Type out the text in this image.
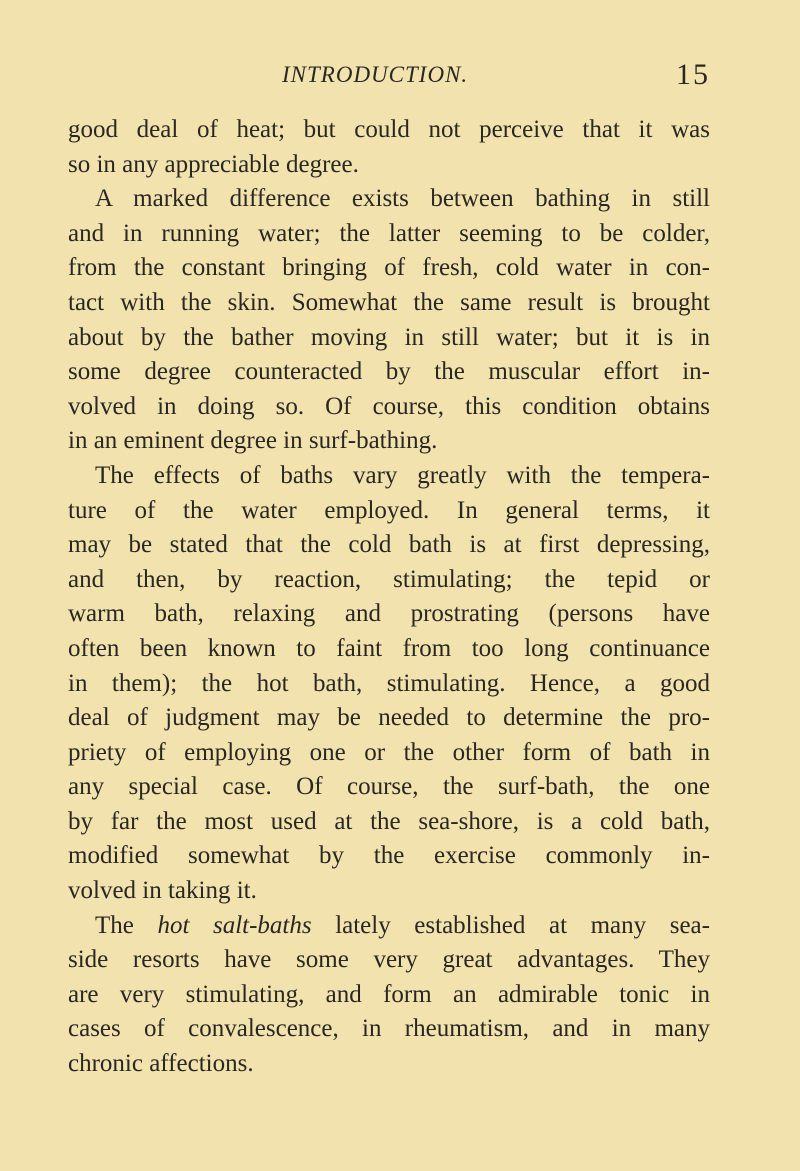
INTRODUCTION.	15
good deal of heat; but could not perceive that it was
so in any appreciable degree.
A marked difference exists between bathing in still
and in running water; the latter seeming to be colder,
from the constant bringing of fresh, cold water in con-
tact with the skin. Somewhat the same result is brought
about by the bather moving in still water; but it is in
some degree counteracted by the muscular effort in-
volved in doing so. Of course, this condition obtains
in an eminent degree in surf-bathing.
The effects of baths vary greatly with the tempera-
ture of the water employed. In general terms, it
may be stated that the cold bath is at first depressing,
and then, by reaction, stimulating; the tepid or
warm bath, relaxing and prostrating (persons have
often been known to faint from too long continuance
in them); the hot bath, stimulating. Hence, a good
deal of judgment may be needed to determine the pro-
priety of employing one or the other form of bath in
any special case. Of course, the surf-bath, the one
by far the most used at the sea-shore, is a cold bath,
modified somewhat by the exercise commonly in-
volved in taking it.
The hot salt-baths lately established at many sea-
side resorts have some very great advantages. They
are very stimulating, and form an admirable tonic in
cases of convalescence, in rheumatism, and in many
chronic affections.
